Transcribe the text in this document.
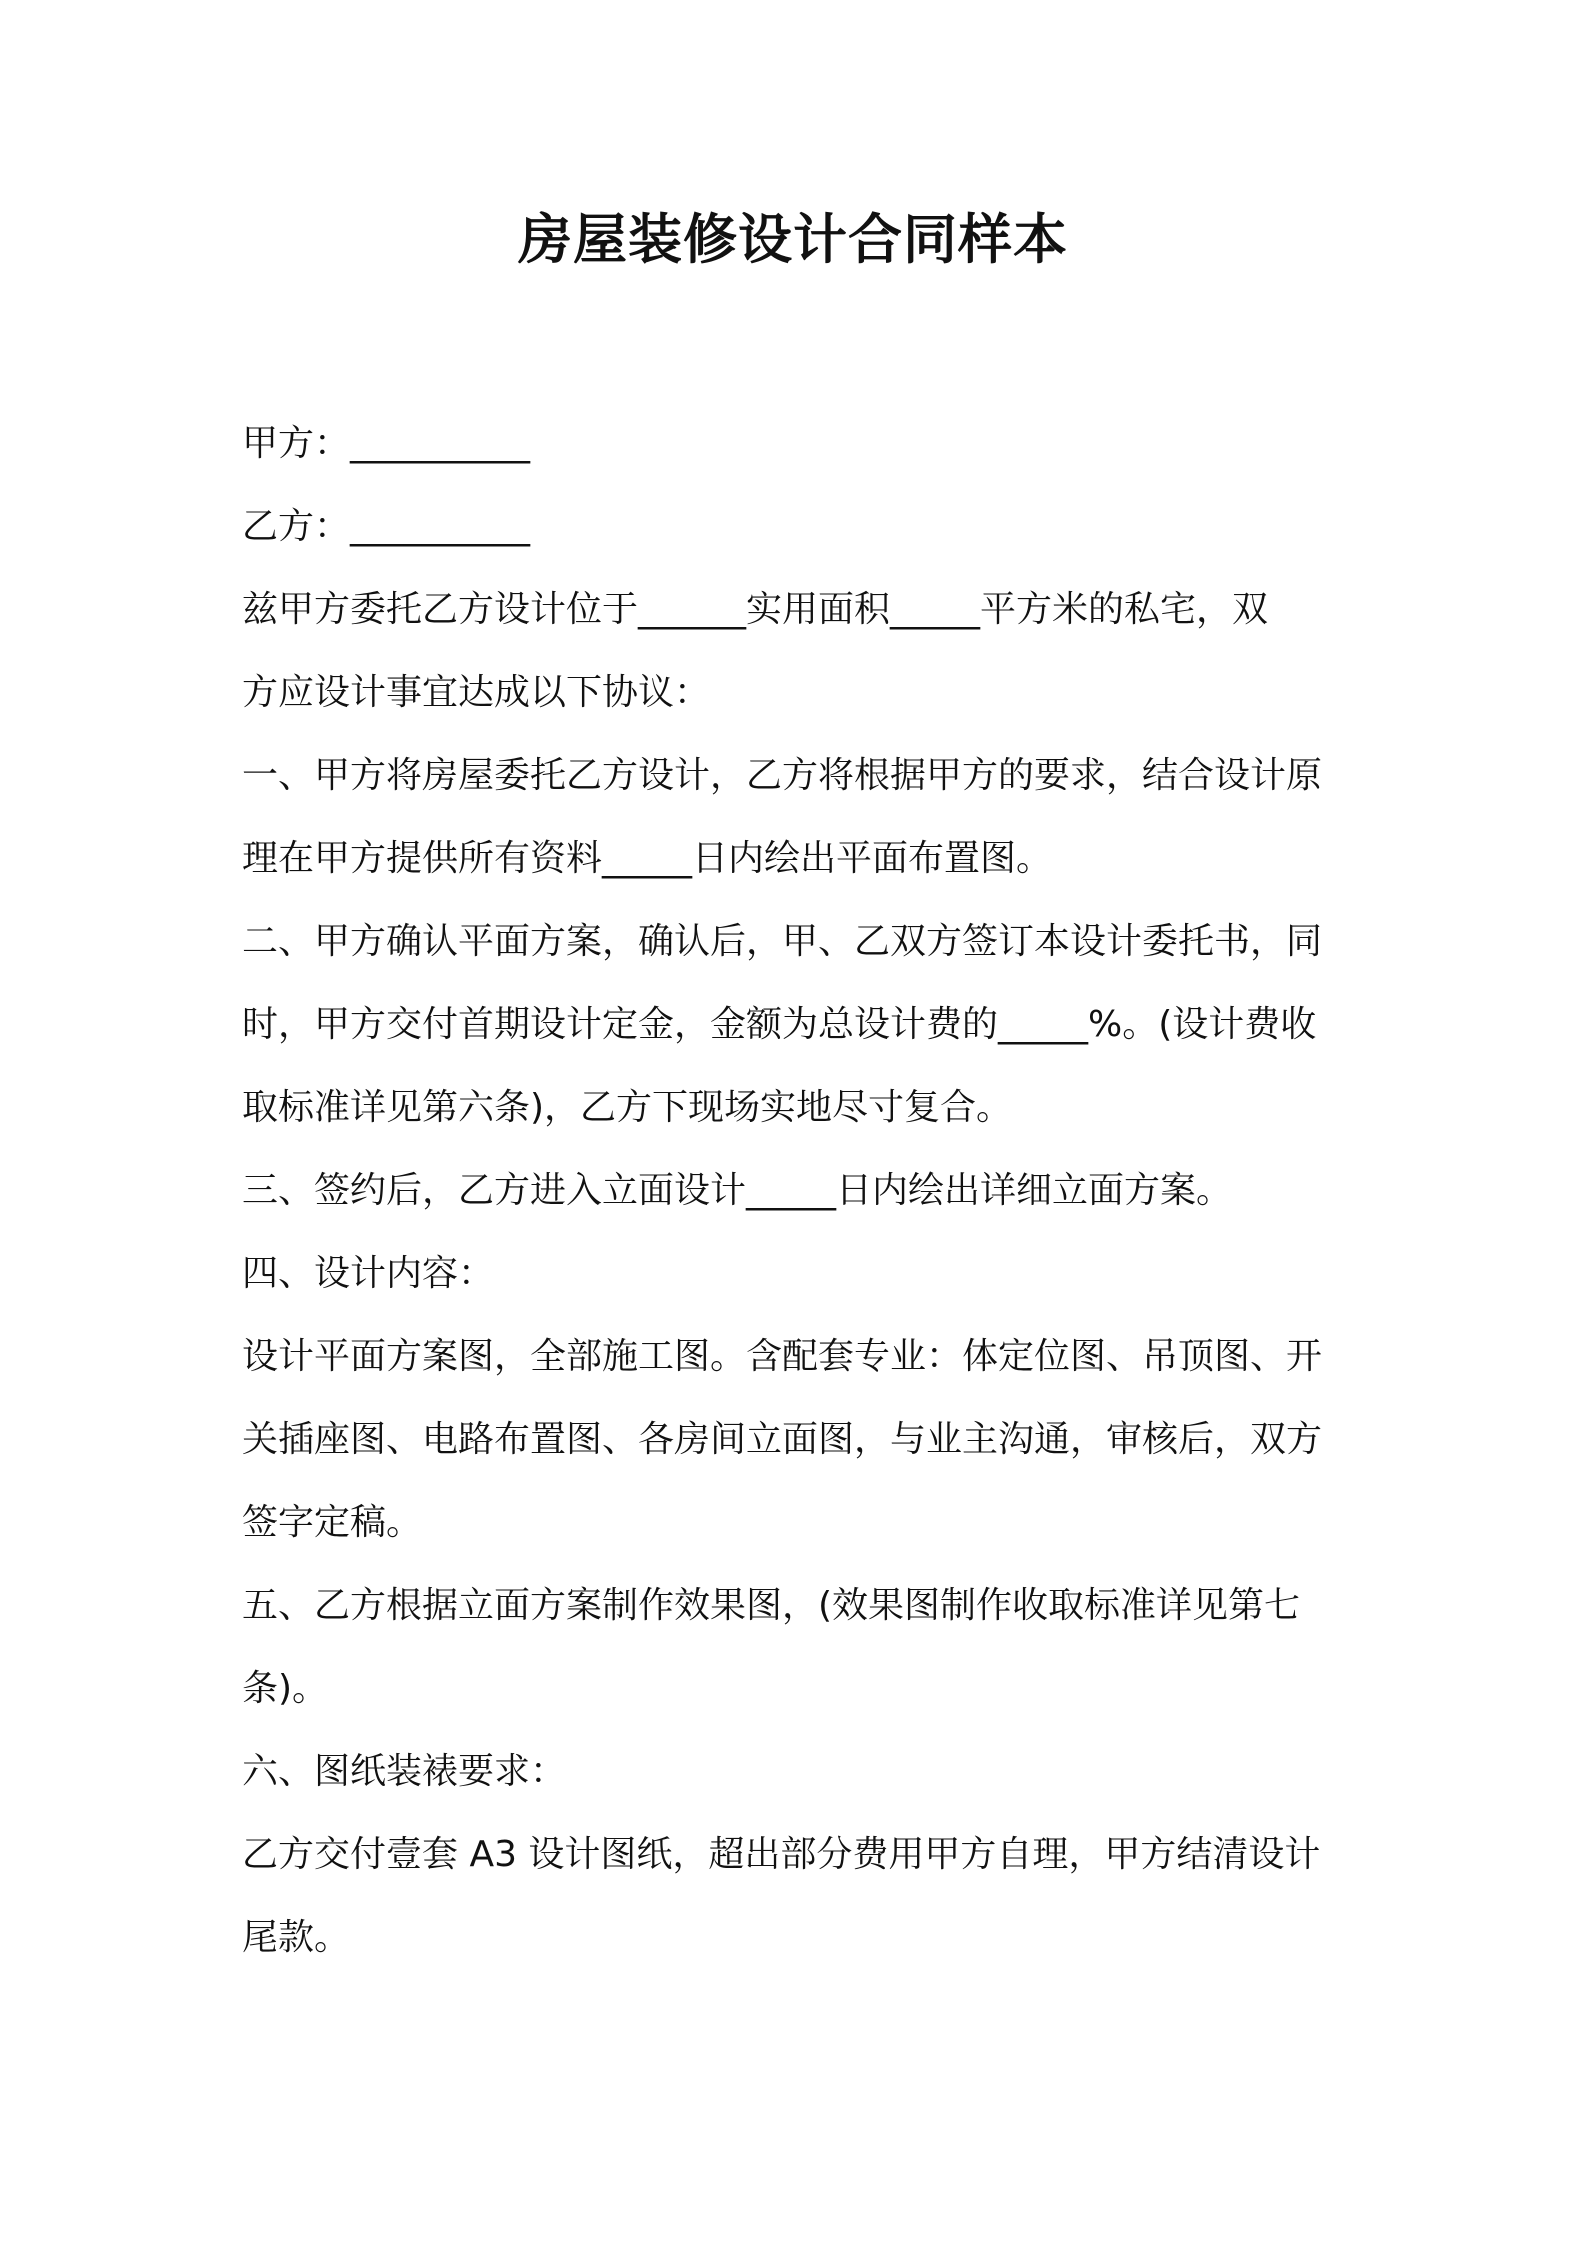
房屋装修设计合同样本
甲方：__________
乙方：__________
兹甲方委托乙方设计位于______实用面积_____平方米的私宅，双
方应设计事宜达成以下协议：
一、甲方将房屋委托乙方设计，乙方将根据甲方的要求，结合设计原
理在甲方提供所有资料_____日内绘出平面布置图。
二、甲方确认平面方案，确认后，甲、乙双方签订本设计委托书，同
时，甲方交付首期设计定金，金额为总设计费的_____%。(设计费收
取标准详见第六条)，乙方下现场实地尽寸复合。
三、签约后，乙方进入立面设计_____日内绘出详细立面方案。
四、设计内容：
设计平面方案图，全部施工图。含配套专业：体定位图、吊顶图、开
关插座图、电路布置图、各房间立面图，与业主沟通，审核后，双方
签字定稿。
五、乙方根据立面方案制作效果图，(效果图制作收取标准详见第七
条)。
六、图纸装裱要求：
乙方交付壹套 A3 设计图纸，超出部分费用甲方自理，甲方结清设计
尾款。
